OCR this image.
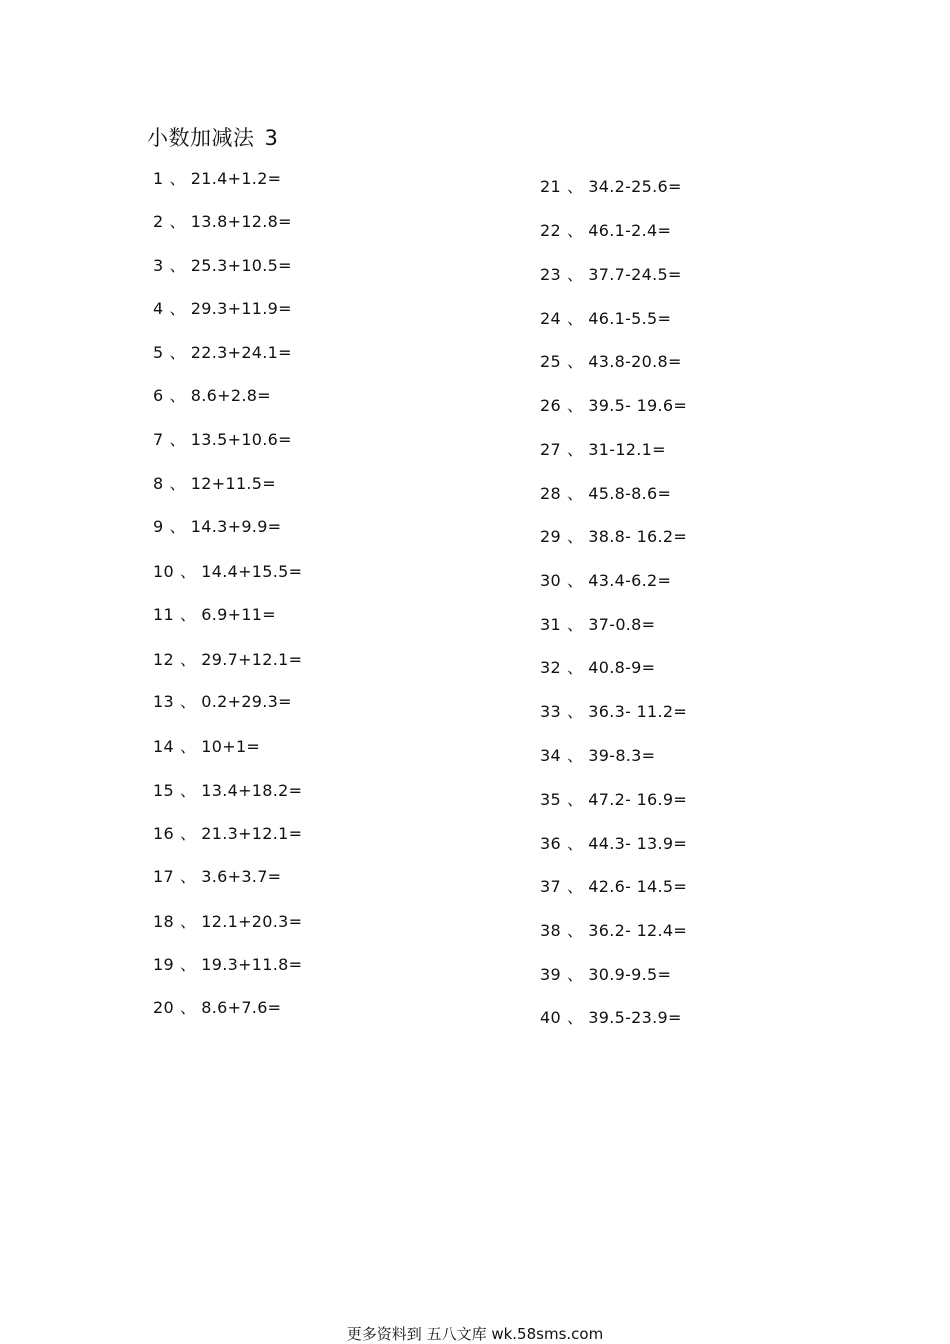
小数加减法 3
1 、 21.4+1.2=
2 、 13.8+12.8=
3 、 25.3+10.5=
4 、 29.3+11.9=
5 、 22.3+24.1=
6 、 8.6+2.8=
7 、 13.5+10.6=
8 、 12+11.5=
9 、 14.3+9.9=
10 、 14.4+15.5=
11 、 6.9+11=
12 、 29.7+12.1=
13 、 0.2+29.3=
14 、 10+1=
15 、 13.4+18.2=
16 、 21.3+12.1=
17 、 3.6+3.7=
18 、 12.1+20.3=
19 、 19.3+11.8=
20 、 8.6+7.6=
21 、 34.2-25.6=
22 、 46.1-2.4=
23 、 37.7-24.5=
24 、 46.1-5.5=
25 、 43.8-20.8=
26 、 39.5- 19.6=
27 、 31-12.1=
28 、 45.8-8.6=
29 、 38.8- 16.2=
30 、 43.4-6.2=
31 、 37-0.8=
32 、 40.8-9=
33 、 36.3- 11.2=
34 、 39-8.3=
35 、 47.2- 16.9=
36 、 44.3- 13.9=
37 、 42.6- 14.5=
38 、 36.2- 12.4=
39 、 30.9-9.5=
40 、 39.5-23.9=
更多资料到 五八文库 wk.58sms.com
